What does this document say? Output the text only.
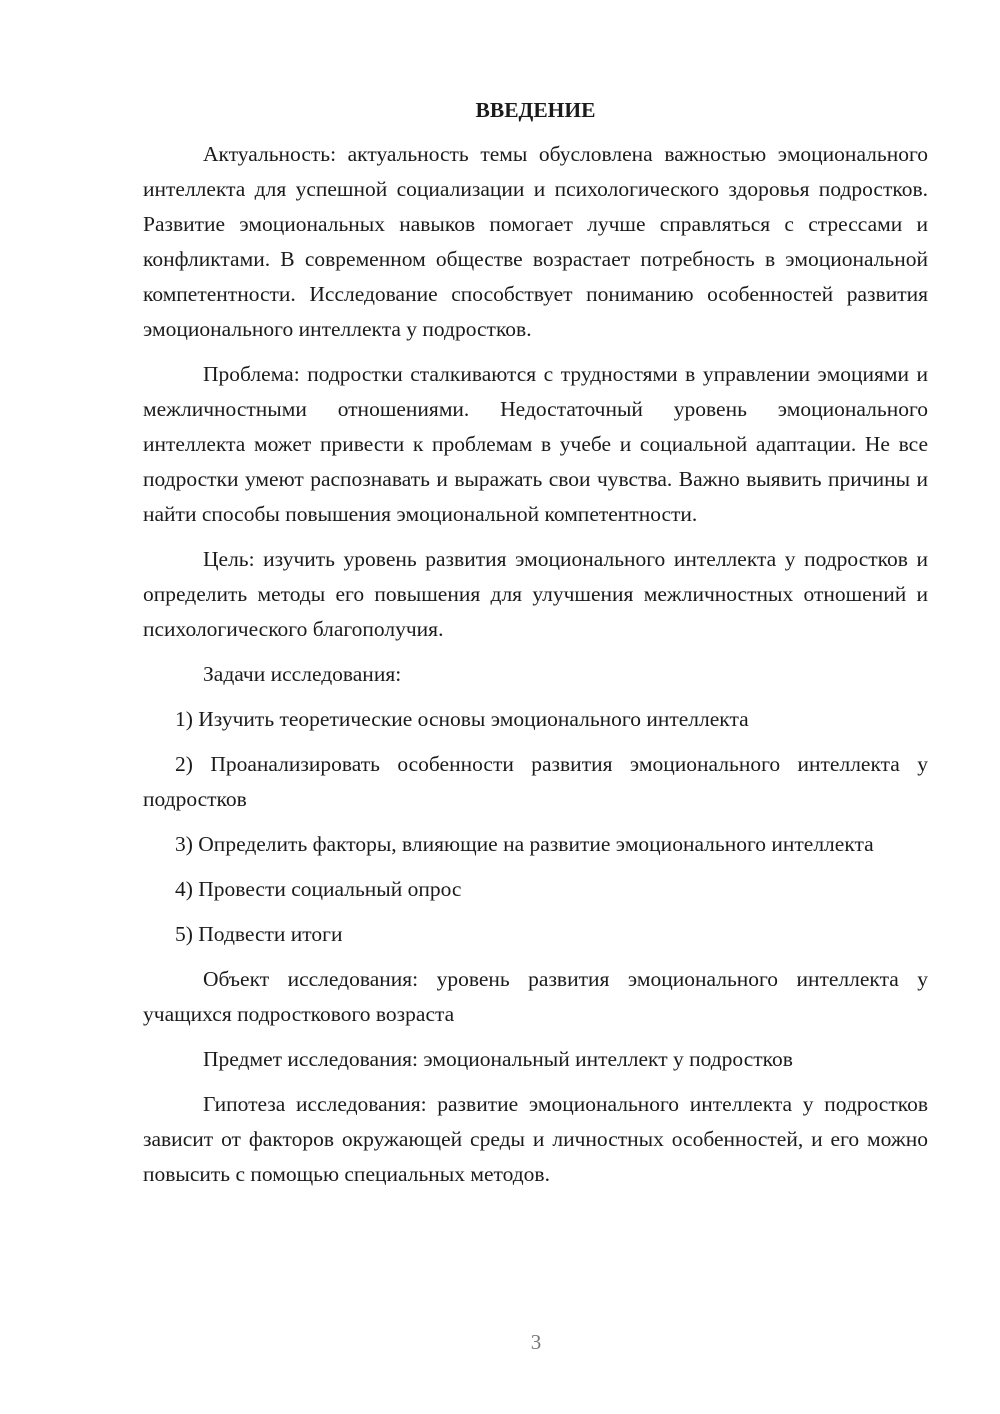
ВВЕДЕНИЕ

Актуальность: актуальность темы обусловлена важностью эмоционального интеллекта для успешной социализации и психологического здоровья подростков. Развитие эмоциональных навыков помогает лучше справляться с стрессами и конфликтами. В современном обществе возрастает потребность в эмоциональной компетентности. Исследование способствует пониманию особенностей развития эмоционального интеллекта у подростков.

Проблема: подростки сталкиваются с трудностями в управлении эмоциями и межличностными отношениями. Недостаточный уровень эмоционального интеллекта может привести к проблемам в учебе и социальной адаптации. Не все подростки умеют распознавать и выражать свои чувства. Важно выявить причины и найти способы повышения эмоциональной компетентности.

Цель: изучить уровень развития эмоционального интеллекта у подростков и определить методы его повышения для улучшения межличностных отношений и психологического благополучия.

Задачи исследования:

1) Изучить теоретические основы эмоционального интеллекта

2) Проанализировать особенности развития эмоционального интеллекта у подростков

3) Определить факторы, влияющие на развитие эмоционального интеллекта

4) Провести социальный опрос

5) Подвести итоги

Объект исследования: уровень развития эмоционального интеллекта у учащихся подросткового возраста

Предмет исследования: эмоциональный интеллект у подростков

Гипотеза исследования: развитие эмоционального интеллекта у подростков зависит от факторов окружающей среды и личностных особенностей, и его можно повысить с помощью специальных методов.

3
